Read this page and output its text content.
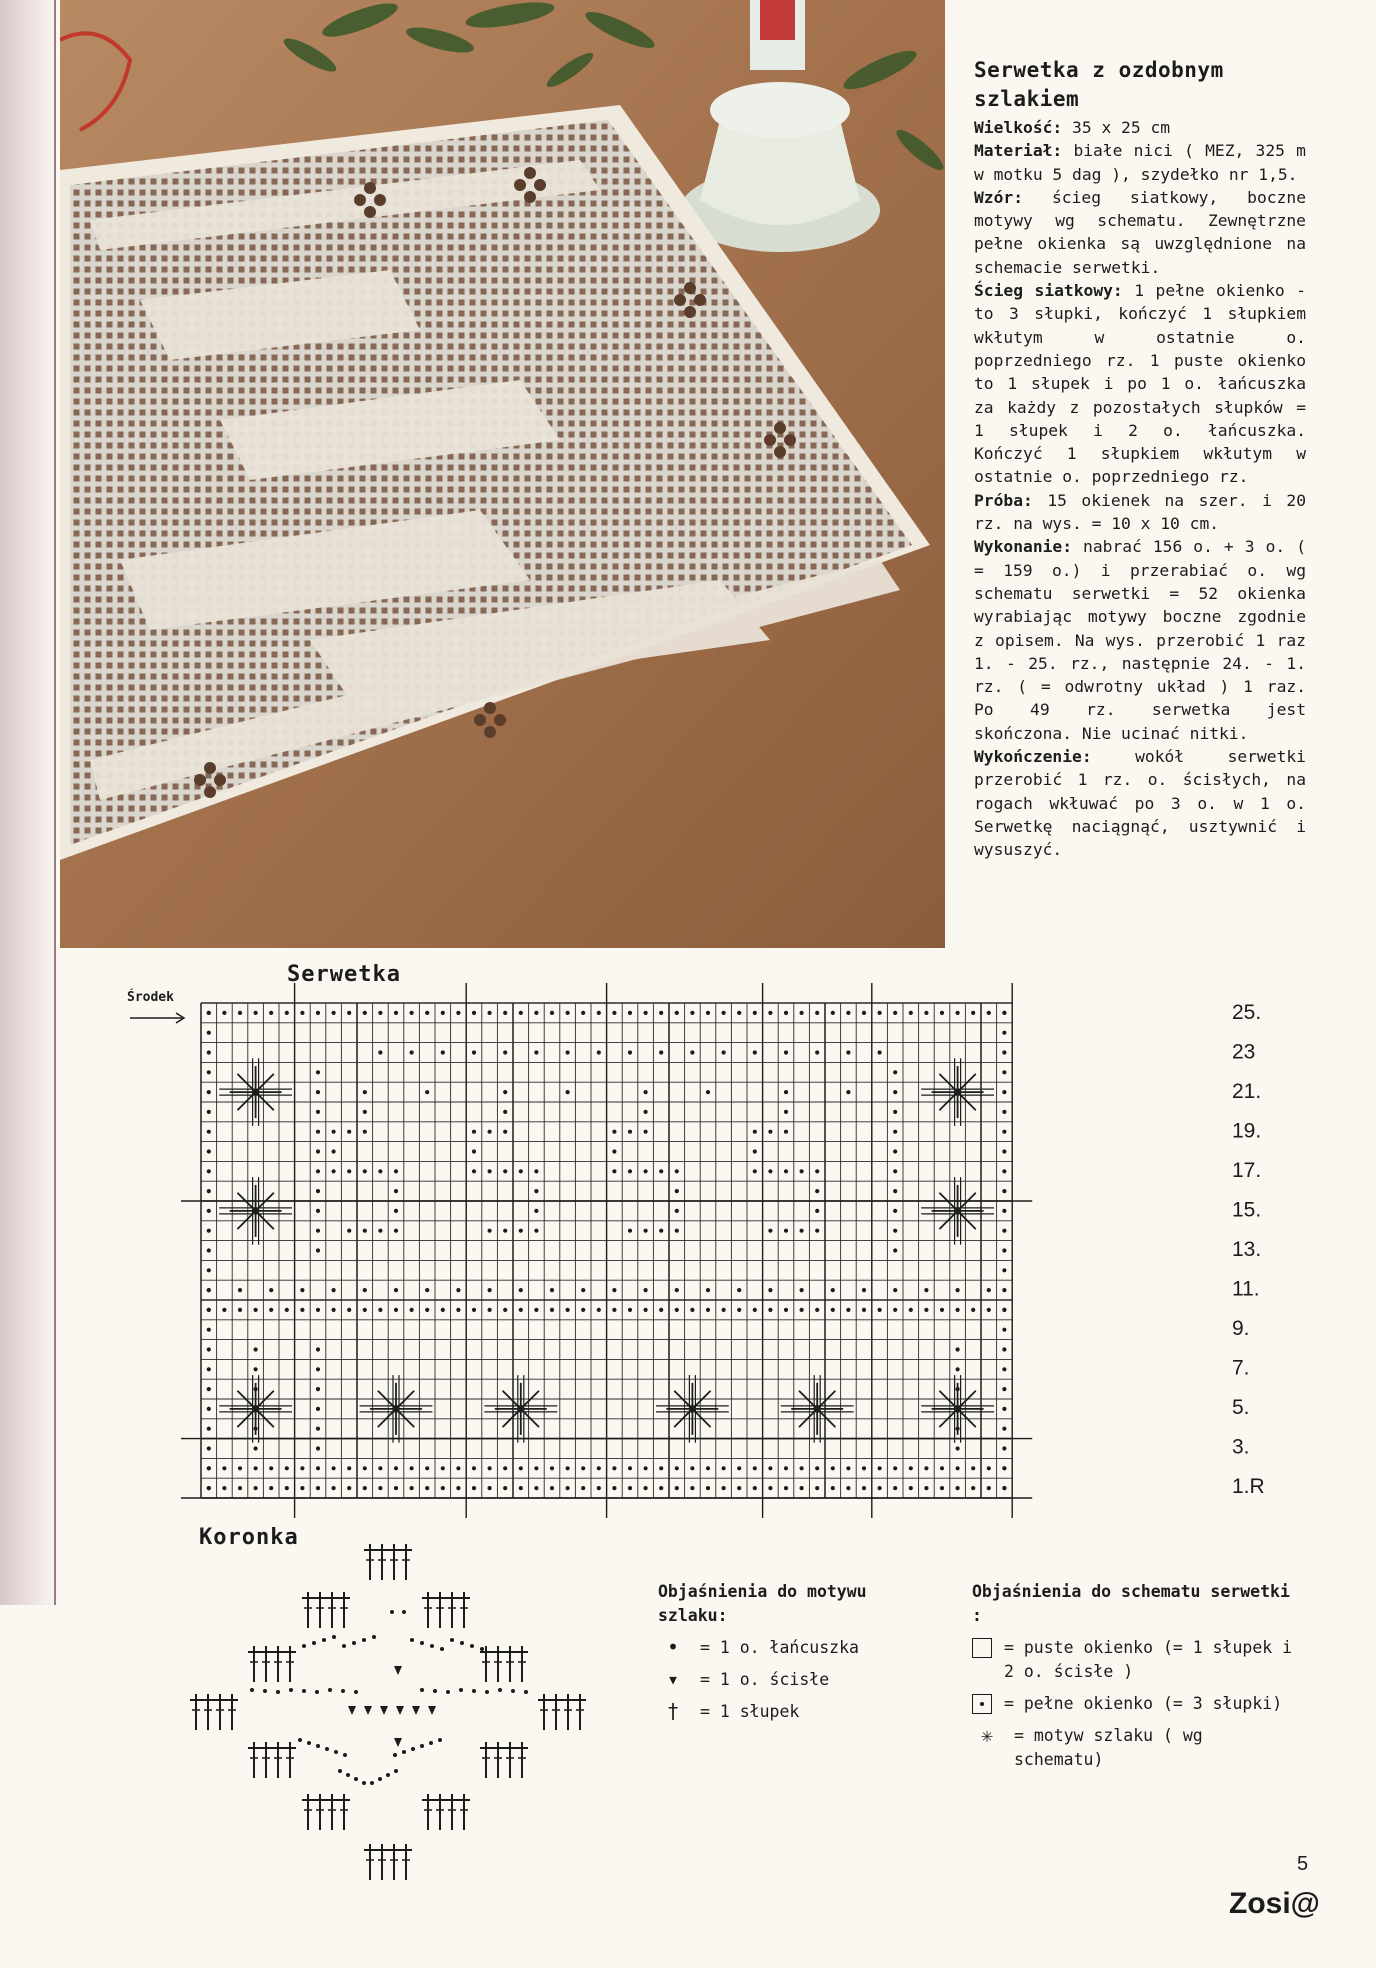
Serwetka z ozdobnym szlakiem

Wielkość: 35 x 25 cm

Materiał: białe nici ( MEZ, 325 m w motku 5 dag ), szydełko nr 1,5.

Wzór: ścieg siatkowy, boczne motywy wg schematu. Zewnętrzne pełne okienka są uwzględnione na schemacie serwetki.

Ścieg siatkowy: 1 pełne okienko - to 3 słupki, kończyć 1 słupkiem wkłutym w ostatnie o. poprzedniego rz. 1 puste okienko to 1 słupek i po 1 o. łańcuszka za każdy z pozostałych słupków = 1 słupek i 2 o. łańcuszka. Kończyć 1 słupkiem wkłutym w ostatnie o. poprzedniego rz.

Próba: 15 okienek na szer. i 20 rz. na wys. = 10 x 10 cm.

Wykonanie: nabrać 156 o. + 3 o. ( = 159 o.) i przerabiać o. wg schematu serwetki = 52 okienka wyrabiając motywy boczne zgodnie z opisem. Na wys. przerobić 1 raz 1. - 25. rz., następnie 24. - 1. rz. ( = odwrotny układ ) 1 raz. Po 49 rz. serwetka jest skończona. Nie ucinać nitki.

Wykończenie: wokół serwetki przerobić 1 rz. o. ścisłych, na rogach wkłuwać po 3 o. w 1 o. Serwetkę naciągnąć, usztywnić i wysuszyć.

Serwetka
Środek
25.
23
21.
19.
17.
15.
13.
11.
9.
7.
5.
3.
1.R
Koronka
Objaśnienia do motywu szlaku:
•	= 1 o. łańcuszka
▾	= 1 o. ścisłe
†	= 1 słupek
Objaśnienia do schematu serwetki :
= puste okienko (= 1 słupek i 2 o. ścisłe )
= pełne okienko (= 3 słupki)
✳	= motyw szlaku ( wg schematu)
5
Zosi@
